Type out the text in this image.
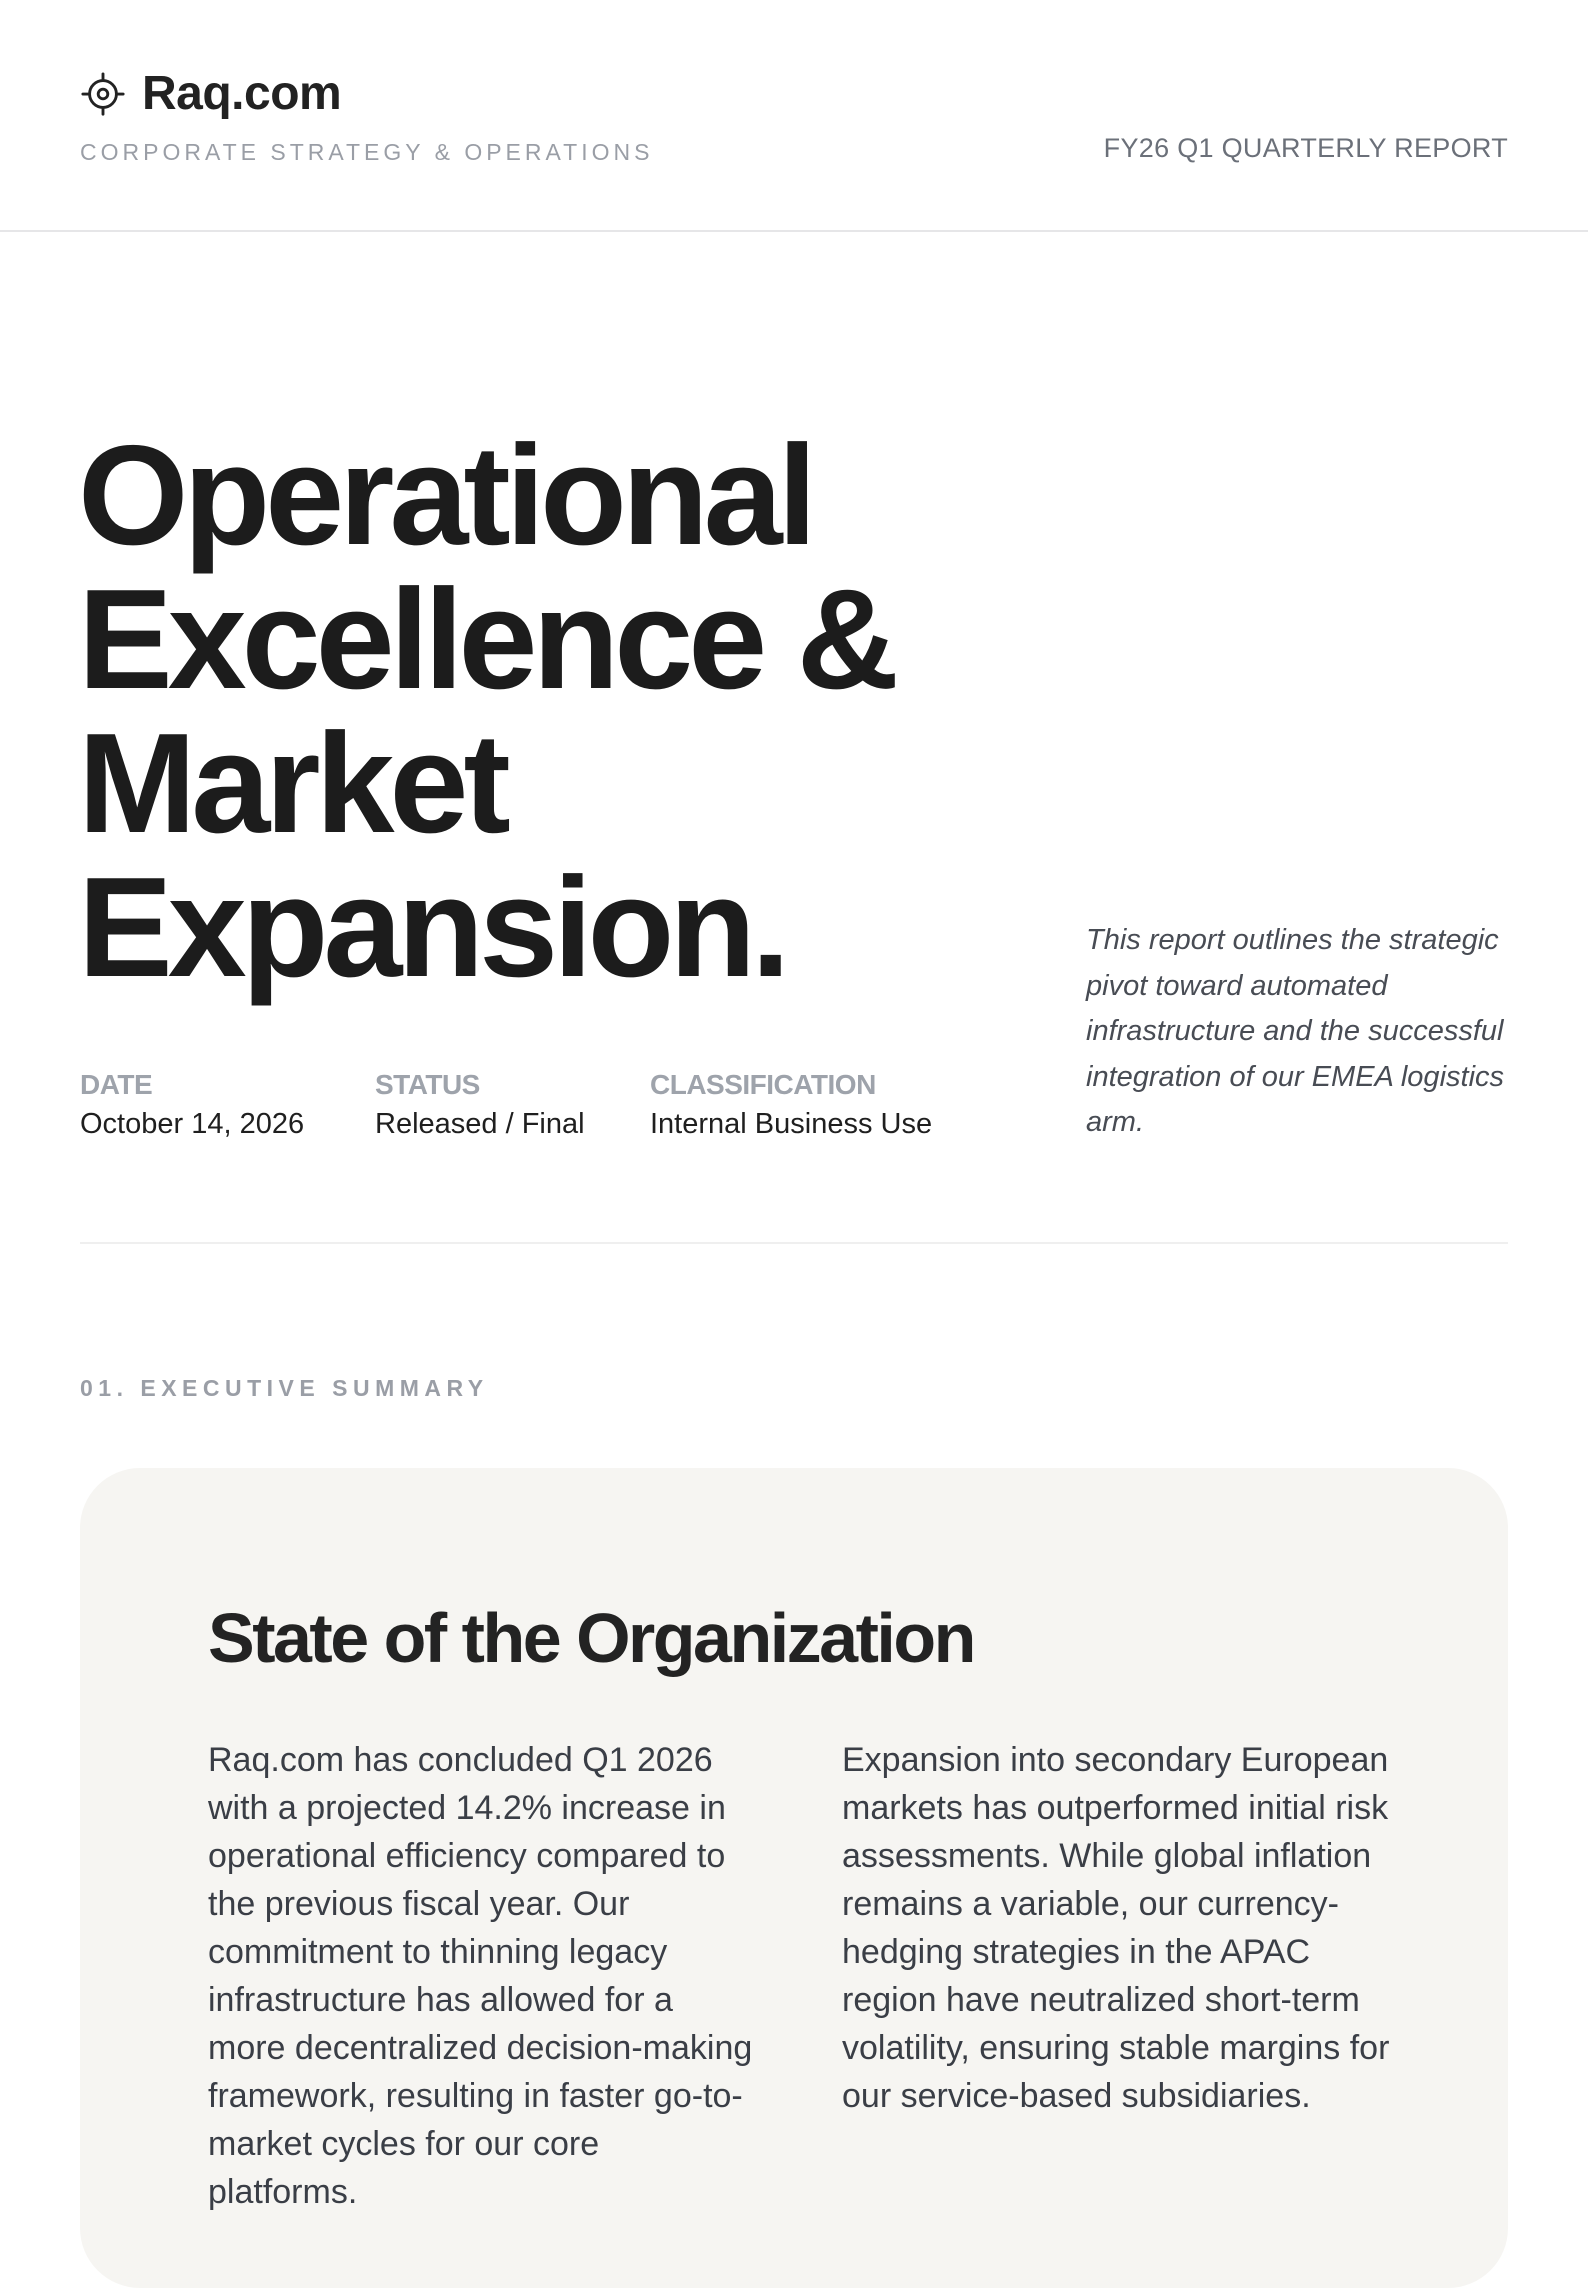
Raq.com
CORPORATE STRATEGY & OPERATIONS	FY26 Q1 QUARTERLY REPORT
Operational
Excellence &
Market
Expansion.
DATE
October 14, 2026
STATUS
Released / Final
CLASSIFICATION
Internal Business Use

This report outlines the strategic pivot toward automated infrastructure and the successful integration of our EMEA logistics arm.

01. EXECUTIVE SUMMARY
State of the Organization

Raq.com has concluded Q1 2026 with a projected 14.2% increase in operational efficiency compared to the previous fiscal year. Our commitment to thinning legacy infrastructure has allowed for a more decentralized decision-making framework, resulting in faster go-to-market cycles for our core platforms.

Expansion into secondary European markets has outperformed initial risk assessments. While global inflation remains a variable, our currency-hedging strategies in the APAC region have neutralized short-term volatility, ensuring stable margins for our service-based subsidiaries.
